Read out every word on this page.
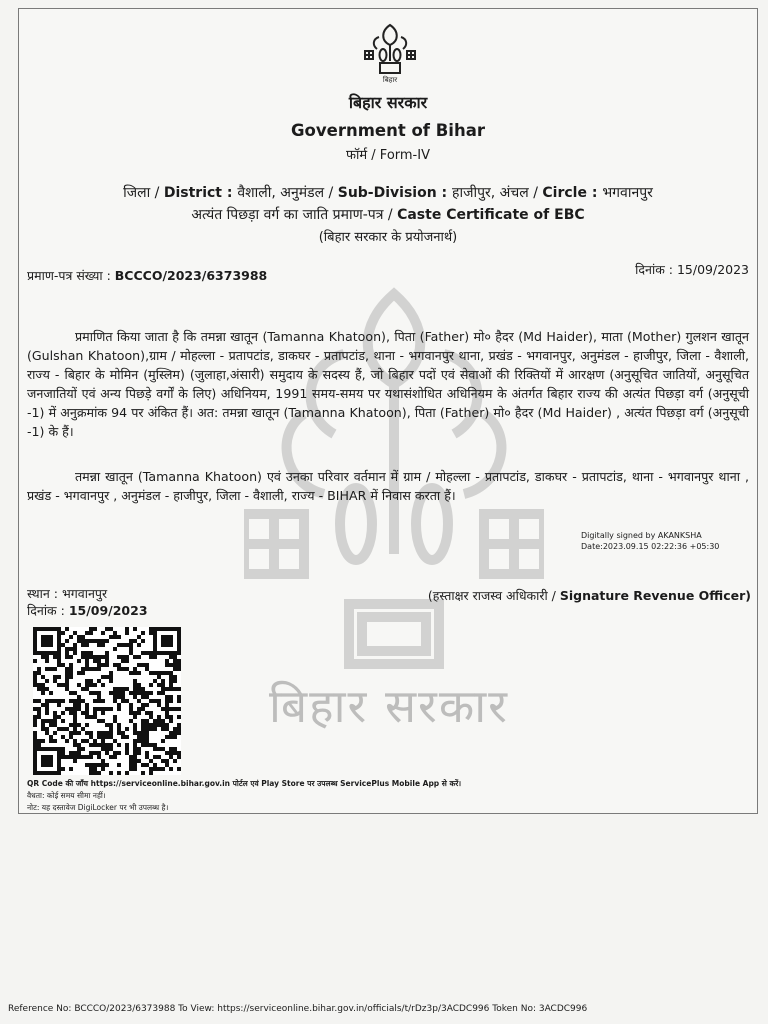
बिहार
बिहार सरकार
बिहार सरकार
Government of Bihar
फॉर्म / Form-IV
जिला / District : वैशाली, अनुमंडल / Sub-Division : हाजीपुर, अंचल / Circle : भगवानपुर
अत्यंत पिछड़ा वर्ग का जाति प्रमाण-पत्र / Caste Certificate of EBC
(बिहार सरकार के प्रयोजनार्थ)
प्रमाण-पत्र संख्या : BCCCO/2023/6373988	दिनांक : 15/09/2023
प्रमाणित किया जाता है कि तमन्ना खातून (Tamanna Khatoon), पिता (Father) मो० हैदर (Md Haider), माता (Mother) गुलशन खातून (Gulshan Khatoon),ग्राम / मोहल्ला - प्रतापटांड, डाकघर - प्रतापटांड, थाना - भगवानपुर थाना, प्रखंड - भगवानपुर, अनुमंडल - हाजीपुर, जिला - वैशाली, राज्य - बिहार के मोमिन (मुस्लिम) (जुलाहा,अंसारी) समुदाय के सदस्य हैं, जो बिहार पदों एवं सेवाओं की रिक्तियों में आरक्षण (अनुसूचित जातियों, अनुसूचित जनजातियों एवं अन्य पिछड़े वर्गों के लिए) अधिनियम, 1991 समय-समय पर यथासंशोधित अधिनियम के अंतर्गत बिहार राज्य की अत्यंत पिछड़ा वर्ग (अनुसूची -1) में अनुक्रमांक 94 पर अंकित हैं। अत: तमन्ना खातून (Tamanna Khatoon), पिता (Father) मो० हैदर (Md Haider) , अत्यंत पिछड़ा वर्ग (अनुसूची -1) के हैं।
तमन्ना खातून (Tamanna Khatoon) एवं उनका परिवार वर्तमान में ग्राम / मोहल्ला - प्रतापटांड, डाकघर - प्रतापटांड, थाना - भगवानपुर थाना , प्रखंड - भगवानपुर , अनुमंडल - हाजीपुर, जिला - वैशाली, राज्य - BIHAR में निवास करता हैं।
Digitally signed by AKANKSHA
Date:2023.09.15 02:22:36 +05:30
(हस्ताक्षर राजस्व अधिकारी / Signature Revenue Officer)
स्थान : भगवानपुर
दिनांक : 15/09/2023
QR Code की जाँच https://serviceonline.bihar.gov.in पोर्टल एवं Play Store पर उपलब्ध ServicePlus Mobile App से करें।
वैधता: कोई समय सीमा नहीं।
नोट: यह दस्तावेज DigiLocker पर भी उपलब्ध है।
Reference No: BCCCO/2023/6373988 To View: https://serviceonline.bihar.gov.in/officials/t/rDz3p/3ACDC996 Token No: 3ACDC996
